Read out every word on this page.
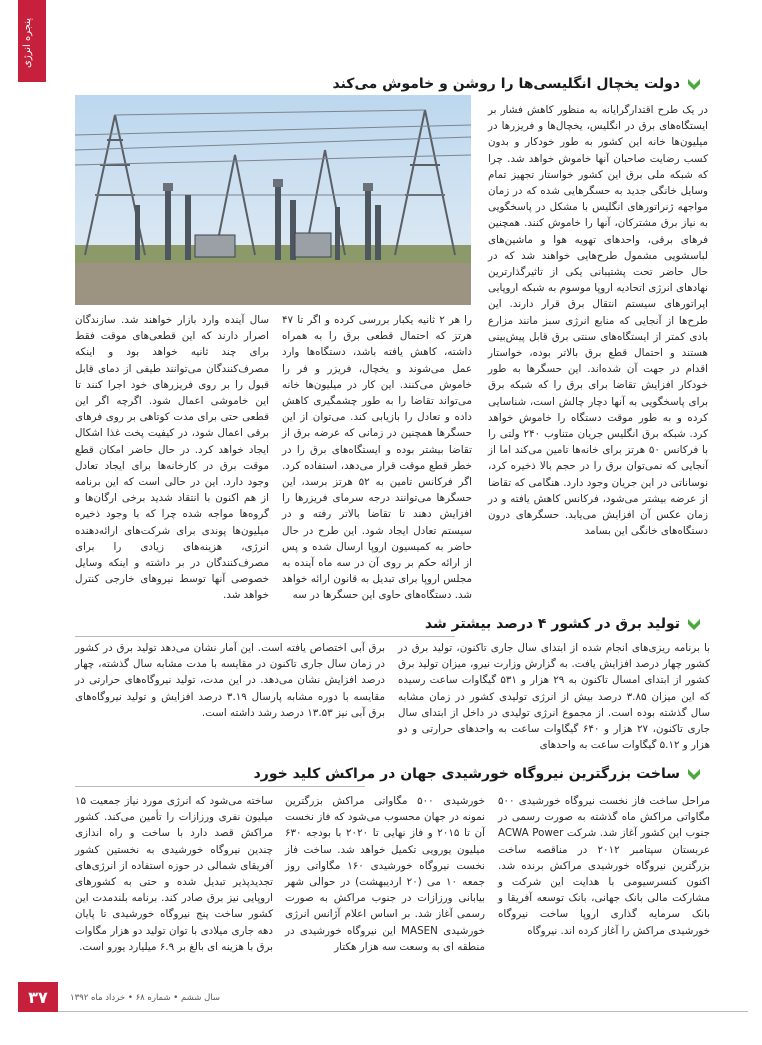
پنجره انرژی
دولت یخچال انگلیسی‌ها را روشن و خاموش می‌کند

در یک طرح اقتدارگرایانه به منظور کاهش فشار بر ایستگاه‌های برق در انگلیس، یخچال‌ها و فریزرها در میلیون‌ها خانه این کشور به طور خودکار و بدون کسب رضایت صاحبان آنها خاموش خواهد شد. چرا که شبکه ملی برق این کشور خواستار تجهیز تمام وسایل خانگی جدید به حسگرهایی شده که در زمان مواجهه ژنراتورهای انگلیس با مشکل در پاسخگویی به نیاز برق مشترکان، آنها را خاموش کنند. همچنین فرهای برقی، واحدهای تهویه هوا و ماشین‌های لباسشویی مشمول طرح‌هایی خواهند شد که در حال حاضر تحت پشتیبانی یکی از تاثیرگذارترین نهادهای انرژی اتحادیه اروپا موسوم به شبکه اروپایی اپراتورهای سیستم انتقال برق قرار دارند. این طرح‌ها از آنجایی که منابع انرژی سبز مانند مزارع بادی کمتر از ایستگاه‌های سنتی برق قابل پیش‌بینی هستند و احتمال قطع برق بالاتر بوده، خواستار اقدام در جهت آن شده‌اند. این حسگرها به طور خودکار افزایش تقاضا برای برق را که شبکه برق برای پاسخگویی به آنها دچار چالش است، شناسایی کرده و به طور موقت دستگاه را خاموش خواهد کرد. شبکه برق انگلیس جریان متناوب ۲۴۰ ولتی را با فرکانس ۵۰ هرتز برای خانه‌ها تامین می‌کند اما از آنجایی که نمی‌توان برق را در حجم بالا ذخیره کرد، نوساناتی در این جریان وجود دارد. هنگامی که تقاضا از عرضه بیشتر می‌شود، فرکانس کاهش یافته و در زمان عکس آن افزایش می‌یابد. حسگرهای درون دستگاه‌های خانگی این بسامد

را هر ۲ ثانیه یکبار بررسی کرده و اگر تا ۴۷ هرتز که احتمال قطعی برق را به همراه داشته، کاهش یافته باشد، دستگاه‌ها وارد عمل می‌شوند و یخچال، فریزر و فر را خاموش می‌کنند. این کار در میلیون‌ها خانه می‌تواند تقاضا را به طور چشمگیری کاهش داده و تعادل را بازیابی کند. می‌توان از این حسگرها همچنین در زمانی که عرضه برق از تقاضا بیشتر بوده و ایستگاه‌های برق را در خطر قطع موقت قرار می‌دهد، استفاده کرد. اگر فرکانس تامین به ۵۲ هرتز برسد، این حسگرها می‌توانند درجه سرمای فریزرها را افزایش دهند تا تقاضا بالاتر رفته و در سیستم تعادل ایجاد شود. این طرح در حال حاضر به کمیسیون اروپا ارسال شده و پس از ارائه حکم بر روی آن در سه ماه آینده به مجلس اروپا برای تبدیل به قانون ارائه خواهد شد. دستگاه‌های حاوی این حسگرها در سه

سال آینده وارد بازار خواهند شد. سازندگان اصرار دارند که این قطعی‌های موقت فقط برای چند ثانیه خواهد بود و اینکه مصرف‌کنندگان می‌توانند طیفی از دمای قابل قبول را بر روی فریزرهای خود اجرا کنند تا این خاموشی اعمال شود. اگرچه اگر این قطعی حتی برای مدت کوتاهی بر روی فرهای برقی اعمال شود، در کیفیت پخت غذا اشکال ایجاد خواهد کرد. در حال حاضر امکان قطع موقت برق در کارخانه‌ها برای ایجاد تعادل وجود دارد. این در حالی است که این برنامه از هم اکنون با انتقاد شدید برخی ارگان‌ها و گروه‌ها مواجه شده چرا که با وجود ذخیره میلیون‌ها پوندی برای شرکت‌های ارائه‌دهنده انرژی، هزینه‌های زیادی را برای مصرف‌کنندگان در بر داشته و اینکه وسایل خصوصی آنها توسط نیروهای خارجی کنترل خواهد شد.

تولید برق در کشور ۴ درصد بیشتر شد

با برنامه ریزی‌های انجام شده از ابتدای سال جاری تاکنون، تولید برق در کشور چهار درصد افزایش یافت. به گزارش وزارت نیرو، میزان تولید برق کشور از ابتدای امسال تاکنون به ۲۹ هزار و ۵۳۱ گیگاوات ساعت رسیده که این میزان ۳.۸۵ درصد بیش از انرژی تولیدی کشور در زمان مشابه سال گذشته بوده است. از مجموع انرژی تولیدی در داخل از ابتدای سال جاری تاکنون، ۲۷ هزار و ۶۴۰ گیگاوات ساعت به واحدهای حرارتی و دو هزار و ۵.۱۲ گیگاوات ساعت به واحدهای

برق آبی اختصاص یافته است. این آمار نشان می‌دهد تولید برق در کشور در زمان سال جاری تاکنون در مقایسه با مدت مشابه سال گذشته، چهار درصد افزایش نشان می‌دهد. در این مدت، تولید نیروگاه‌های حرارتی در مقایسه با دوره مشابه پارسال ۳.۱۹ درصد افزایش و تولید نیروگاه‌های برق آبی نیز ۱۳.۵۳ درصد رشد داشته است.

ساخت بزرگترین نیروگاه خورشیدی جهان در مراکش کلید خورد

مراحل ساخت فاز نخست نیروگاه خورشیدی ۵۰۰ مگاواتی مراکش ماه گذشته به صورت رسمی در جنوب این کشور آغاز شد. شرکت ACWA Power عربستان سپتامبر ۲۰۱۲ در مناقصه ساخت بزرگترین نیروگاه خورشیدی مراکش برنده شد. اکنون کنسرسیومی با هدایت این شرکت و مشارکت مالی بانک جهانی، بانک توسعه آفریقا و بانک سرمایه گذاری اروپا ساخت نیروگاه خورشیدی مراکش را آغاز کرده اند. نیروگاه

خورشیدی ۵۰۰ مگاواتی مراکش بزرگترین نمونه در جهان محسوب می‌شود که فاز نخست آن تا ۲۰۱۵ و فاز نهایی تا ۲۰۲۰ با بودجه ۶۳۰ میلیون یورویی تکمیل خواهد شد. ساخت فاز نخست نیروگاه خورشیدی ۱۶۰ مگاواتی روز جمعه ۱۰ می (۲۰ اردیبهشت) در حوالی شهر بیابانی ورزازات در جنوب مراکش به صورت رسمی آغاز شد. بر اساس اعلام آژانس انرژی خورشیدی MASEN این نیروگاه خورشیدی در منطقه ای به وسعت سه هزار هکتار

ساخته می‌شود که انرژی مورد نیاز جمعیت ۱۵ میلیون نفری ورزازات را تأمین می‌کند. کشور مراکش قصد دارد با ساخت و راه اندازی چندین نیروگاه خورشیدی به نخستین کشور آفریقای شمالی در حوزه استفاده از انرژی‌های تجدیدپذیر تبدیل شده و حتی به کشورهای اروپایی نیز برق صادر کند. برنامه بلندمدت این کشور ساخت پنج نیروگاه خورشیدی تا پایان دهه جاری میلادی با توان تولید دو هزار مگاوات برق با هزینه ای بالغ بر ۶.۹ میلیارد یورو است.

۳۷	سال ششم • شماره ۶۸ • خرداد ماه ۱۳۹۲
